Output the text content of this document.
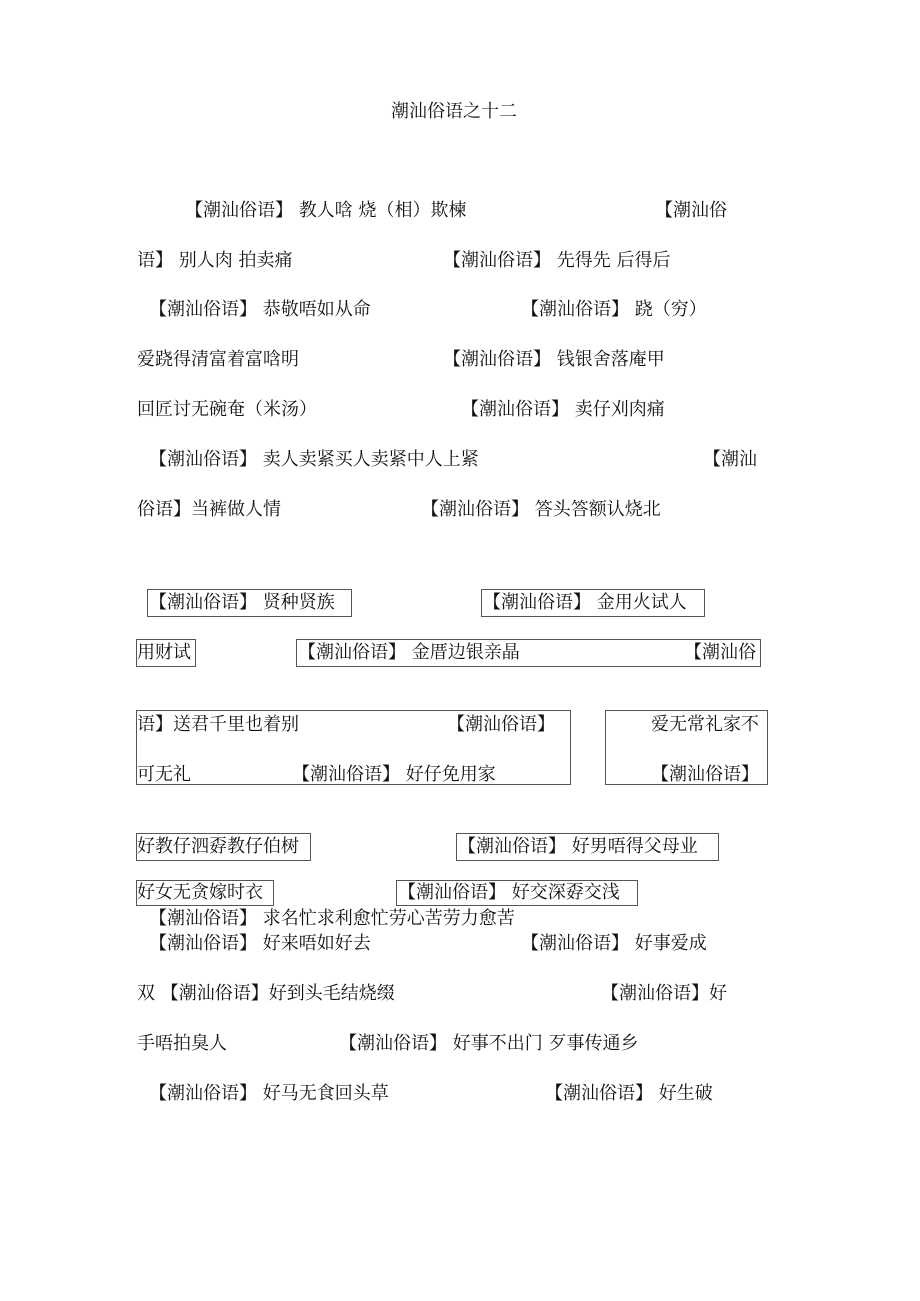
潮汕俗语之十二
【潮汕俗语】 教人唅 烧（相）欺楝	【潮汕俗
语】 别人肉 拍卖痛	【潮汕俗语】 先得先 后得后
【潮汕俗语】 恭敬唔如从命	【潮汕俗语】 跷（穷）
爱跷得清富着富唅明	【潮汕俗语】 钱银舍落庵甲
回匠讨无碗奄（米汤）	【潮汕俗语】 卖仔刈肉痛
【潮汕俗语】 卖人卖紧买人卖紧中人上紧	【潮汕
俗语】当裤做人情	【潮汕俗语】 答头答额认烧北
【潮汕俗语】 贤种贤族	【潮汕俗语】 金用火试人
用财试	【潮汕俗语】 金厝边银亲晶	【潮汕俗
语】送君千里也着别	【潮汕俗语】
可无礼	【潮汕俗语】 好仔免用家
爱无常礼家不
【潮汕俗语】
好教仔泗孬教仔伯树	【潮汕俗语】 好男唔得父母业
好女无贪嫁时衣	【潮汕俗语】 好交深孬交浅
【潮汕俗语】 求名忙求利愈忙劳心苦劳力愈苦
【潮汕俗语】 好来唔如好去	【潮汕俗语】 好事爱成
双 【潮汕俗语】好到头毛结烧缀	【潮汕俗语】好
手唔拍臭人	【潮汕俗语】 好事不出门 歹事传通乡
【潮汕俗语】 好马无食回头草	【潮汕俗语】 好生破
